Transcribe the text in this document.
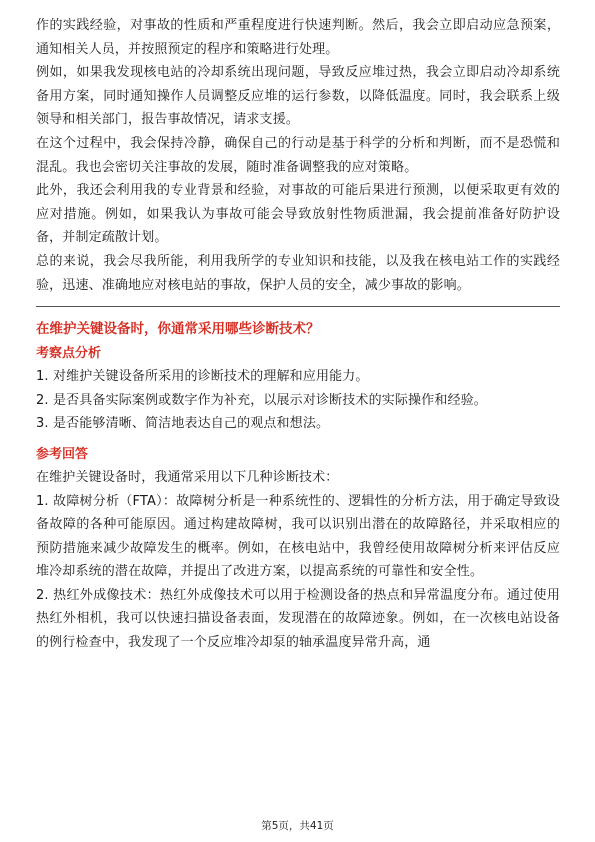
作的实践经验，对事故的性质和严重程度进行快速判断。然后，我会立即启动应急预案，通知相关人员，并按照预定的程序和策略进行处理。

例如，如果我发现核电站的冷却系统出现问题，导致反应堆过热，我会立即启动冷却系统备用方案，同时通知操作人员调整反应堆的运行参数，以降低温度。同时，我会联系上级领导和相关部门，报告事故情况，请求支援。

在这个过程中，我会保持冷静，确保自己的行动是基于科学的分析和判断，而不是恐慌和混乱。我也会密切关注事故的发展，随时准备调整我的应对策略。

此外，我还会利用我的专业背景和经验，对事故的可能后果进行预测，以便采取更有效的应对措施。例如，如果我认为事故可能会导致放射性物质泄漏，我会提前准备好防护设备，并制定疏散计划。

总的来说，我会尽我所能，利用我所学的专业知识和技能，以及我在核电站工作的实践经验，迅速、准确地应对核电站的事故，保护人员的安全，减少事故的影响。

在维护关键设备时，你通常采用哪些诊断技术？

考察点分析

1. 对维护关键设备所采用的诊断技术的理解和应用能力。

2. 是否具备实际案例或数字作为补充，以展示对诊断技术的实际操作和经验。

3. 是否能够清晰、简洁地表达自己的观点和想法。

参考回答

在维护关键设备时，我通常采用以下几种诊断技术：

1. 故障树分析（FTA）：故障树分析是一种系统性的、逻辑性的分析方法，用于确定导致设备故障的各种可能原因。通过构建故障树，我可以识别出潜在的故障路径，并采取相应的预防措施来减少故障发生的概率。例如，在核电站中，我曾经使用故障树分析来评估反应堆冷却系统的潜在故障，并提出了改进方案，以提高系统的可靠性和安全性。

2. 热红外成像技术：热红外成像技术可以用于检测设备的热点和异常温度分布。通过使用热红外相机，我可以快速扫描设备表面，发现潜在的故障迹象。例如，在一次核电站设备的例行检查中，我发现了一个反应堆冷却泵的轴承温度异常升高，通

第5页，共41页
